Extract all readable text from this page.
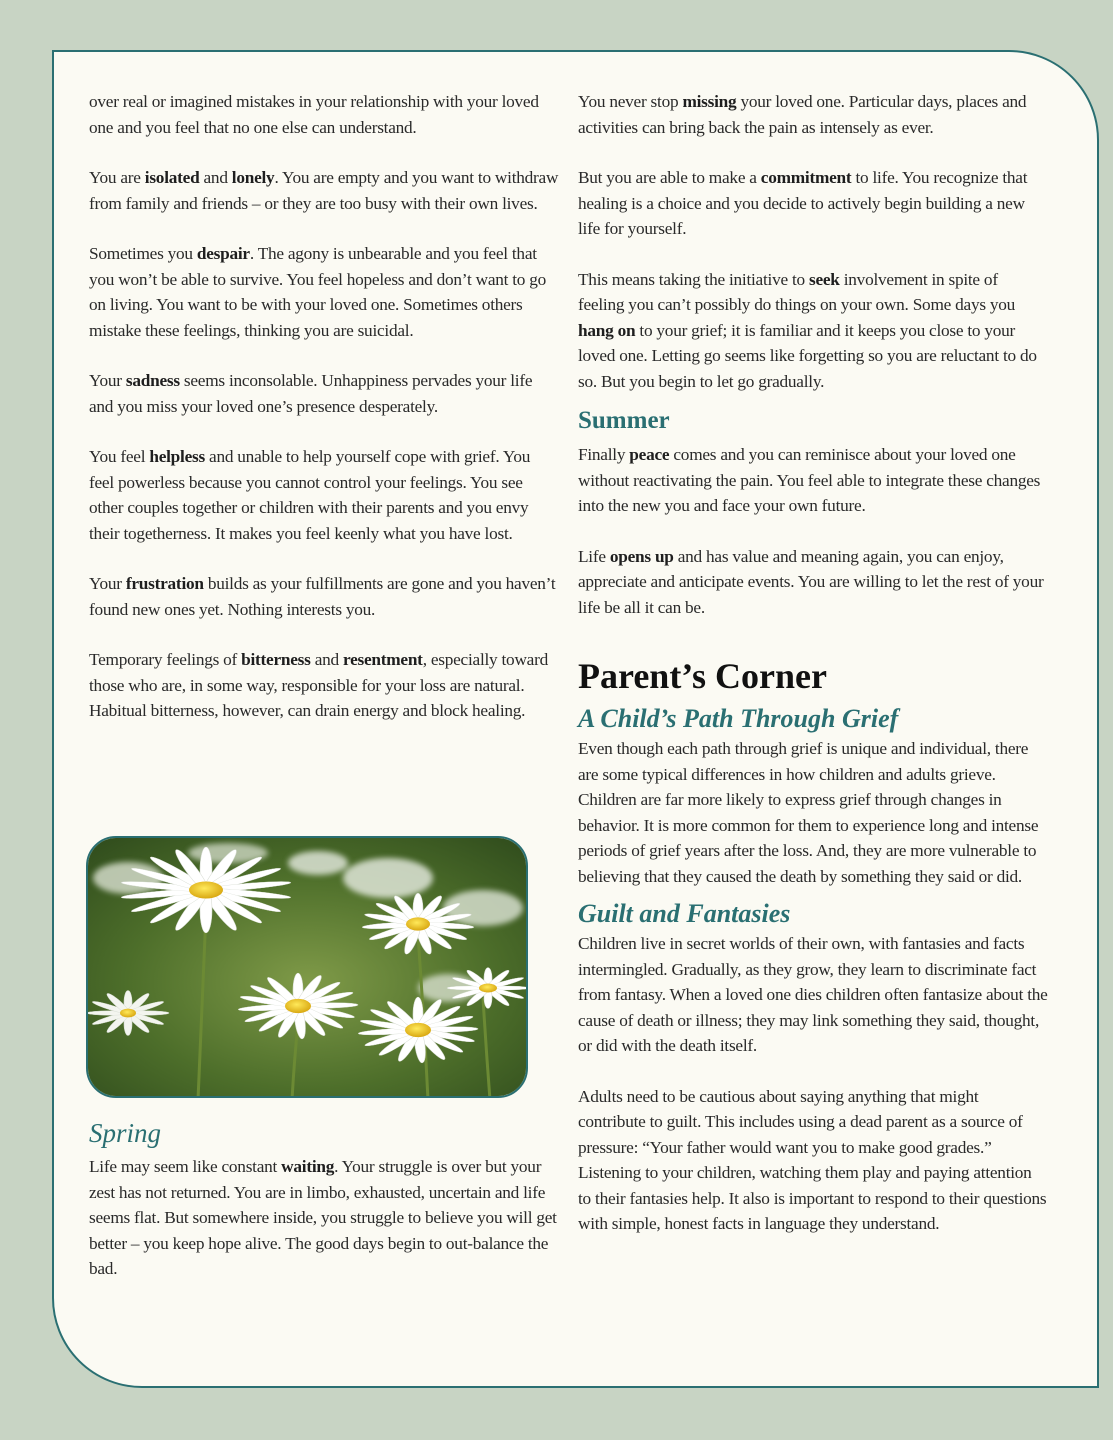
over real or imagined mistakes in your relationship with your loved one and you feel that no one else can understand.

You are isolated and lonely. You are empty and you want to withdraw from family and friends – or they are too busy with their own lives.

Sometimes you despair. The agony is unbearable and you feel that you won’t be able to survive. You feel hopeless and don’t want to go on living. You want to be with your loved one. Sometimes others mistake these feelings, thinking you are suicidal.

Your sadness seems inconsolable. Unhappiness pervades your life and you miss your loved one’s presence desperately.

You feel helpless and unable to help yourself cope with grief. You feel powerless because you cannot control your feelings. You see other couples together or children with their parents and you envy their togetherness. It makes you feel keenly what you have lost.

Your frustration builds as your fulfillments are gone and you haven’t found new ones yet. Nothing interests you.

Temporary feelings of bitterness and resentment, especially toward those who are, in some way, responsible for your loss are natural. Habitual bitterness, however, can drain energy and block healing.

Spring

Life may seem like constant waiting. Your struggle is over but your zest has not returned. You are in limbo, exhausted, uncertain and life seems flat. But somewhere inside, you struggle to believe you will get better – you keep hope alive. The good days begin to out-balance the bad.

You never stop missing your loved one. Particular days, places and activities can bring back the pain as intensely as ever.

But you are able to make a commitment to life. You recognize that healing is a choice and you decide to actively begin building a new life for yourself.

This means taking the initiative to seek involvement in spite of feeling you can’t possibly do things on your own. Some days you hang on to your grief; it is familiar and it keeps you close to your loved one. Letting go seems like forgetting so you are reluctant to do so. But you begin to let go gradually.

Summer

Finally peace comes and you can reminisce about your loved one without reactivating the pain. You feel able to integrate these changes into the new you and face your own future.

Life opens up and has value and meaning again, you can enjoy, appreciate and anticipate events. You are willing to let the rest of your life be all it can be.

Parent’s Corner
A Child’s Path Through Grief

Even though each path through grief is unique and individual, there are some typical differences in how children and adults grieve. Children are far more likely to express grief through changes in behavior. It is more common for them to experience long and intense periods of grief years after the loss. And, they are more vulnerable to believing that they caused the death by something they said or did.

Guilt and Fantasies

Children live in secret worlds of their own, with fantasies and facts intermingled. Gradually, as they grow, they learn to discriminate fact from fantasy. When a loved one dies children often fantasize about the cause of death or illness; they may link something they said, thought, or did with the death itself.

Adults need to be cautious about saying anything that might contribute to guilt. This includes using a dead parent as a source of pressure: “Your father would want you to make good grades.” Listening to your children, watching them play and paying attention to their fantasies help. It also is important to respond to their questions with simple, honest facts in language they understand.
